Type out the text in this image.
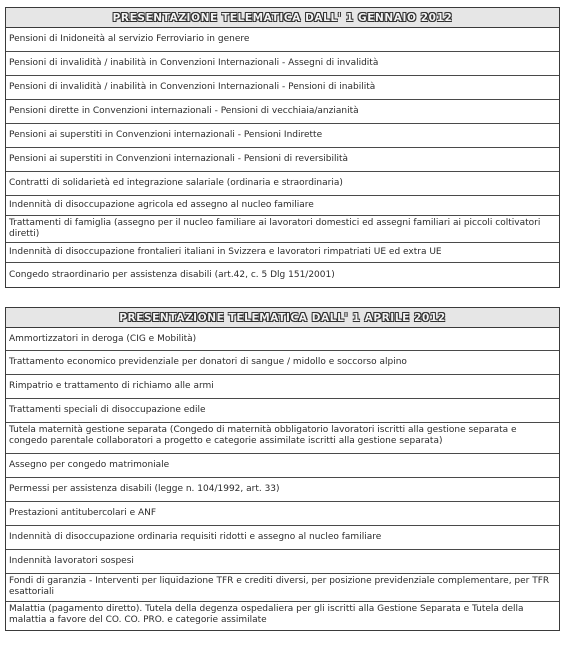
PRESENTAZIONE TELEMATICA DALL' 1 GENNAIO 2012
Pensioni di Inidoneità al servizio Ferroviario in genere
Pensioni di invalidità / inabilità in Convenzioni Internazionali - Assegni di invalidità
Pensioni di invalidità / inabilità in Convenzioni Internazionali - Pensioni di inabilità
Pensioni dirette in Convenzioni internazionali - Pensioni di vecchiaia/anzianità
Pensioni ai superstiti in Convenzioni internazionali - Pensioni Indirette
Pensioni ai superstiti in Convenzioni internazionali - Pensioni di reversibilità
Contratti di solidarietà ed integrazione salariale (ordinaria e straordinaria)
Indennità di disoccupazione agricola ed assegno al nucleo familiare
Trattamenti di famiglia (assegno per il nucleo familiare ai lavoratori domestici ed assegni familiari ai piccoli coltivatori diretti)
Indennità di disoccupazione frontalieri italiani in Svizzera e lavoratori rimpatriati UE ed extra UE
Congedo straordinario per assistenza disabili (art.42, c. 5 Dlg 151/2001)
PRESENTAZIONE TELEMATICA DALL' 1 APRILE 2012
Ammortizzatori in deroga (CIG e Mobilità)
Trattamento economico previdenziale per donatori di sangue / midollo e soccorso alpino
Rimpatrio e trattamento di richiamo alle armi
Trattamenti speciali di disoccupazione edile
Tutela maternità gestione separata (Congedo di maternità obbligatorio lavoratori iscritti alla gestione separata e congedo parentale collaboratori a progetto e categorie assimilate iscritti alla gestione separata)
Assegno per congedo matrimoniale
Permessi per assistenza disabili (legge n. 104/1992, art. 33)
Prestazioni antitubercolari e ANF
Indennità di disoccupazione ordinaria requisiti ridotti e assegno al nucleo familiare
Indennità lavoratori sospesi
Fondi di garanzia - Interventi per liquidazione TFR e crediti diversi, per posizione previdenziale complementare, per TFR esattoriali
Malattia (pagamento diretto). Tutela della degenza ospedaliera per gli iscritti alla Gestione Separata e Tutela della malattia a favore del CO. CO. PRO. e categorie assimilate
